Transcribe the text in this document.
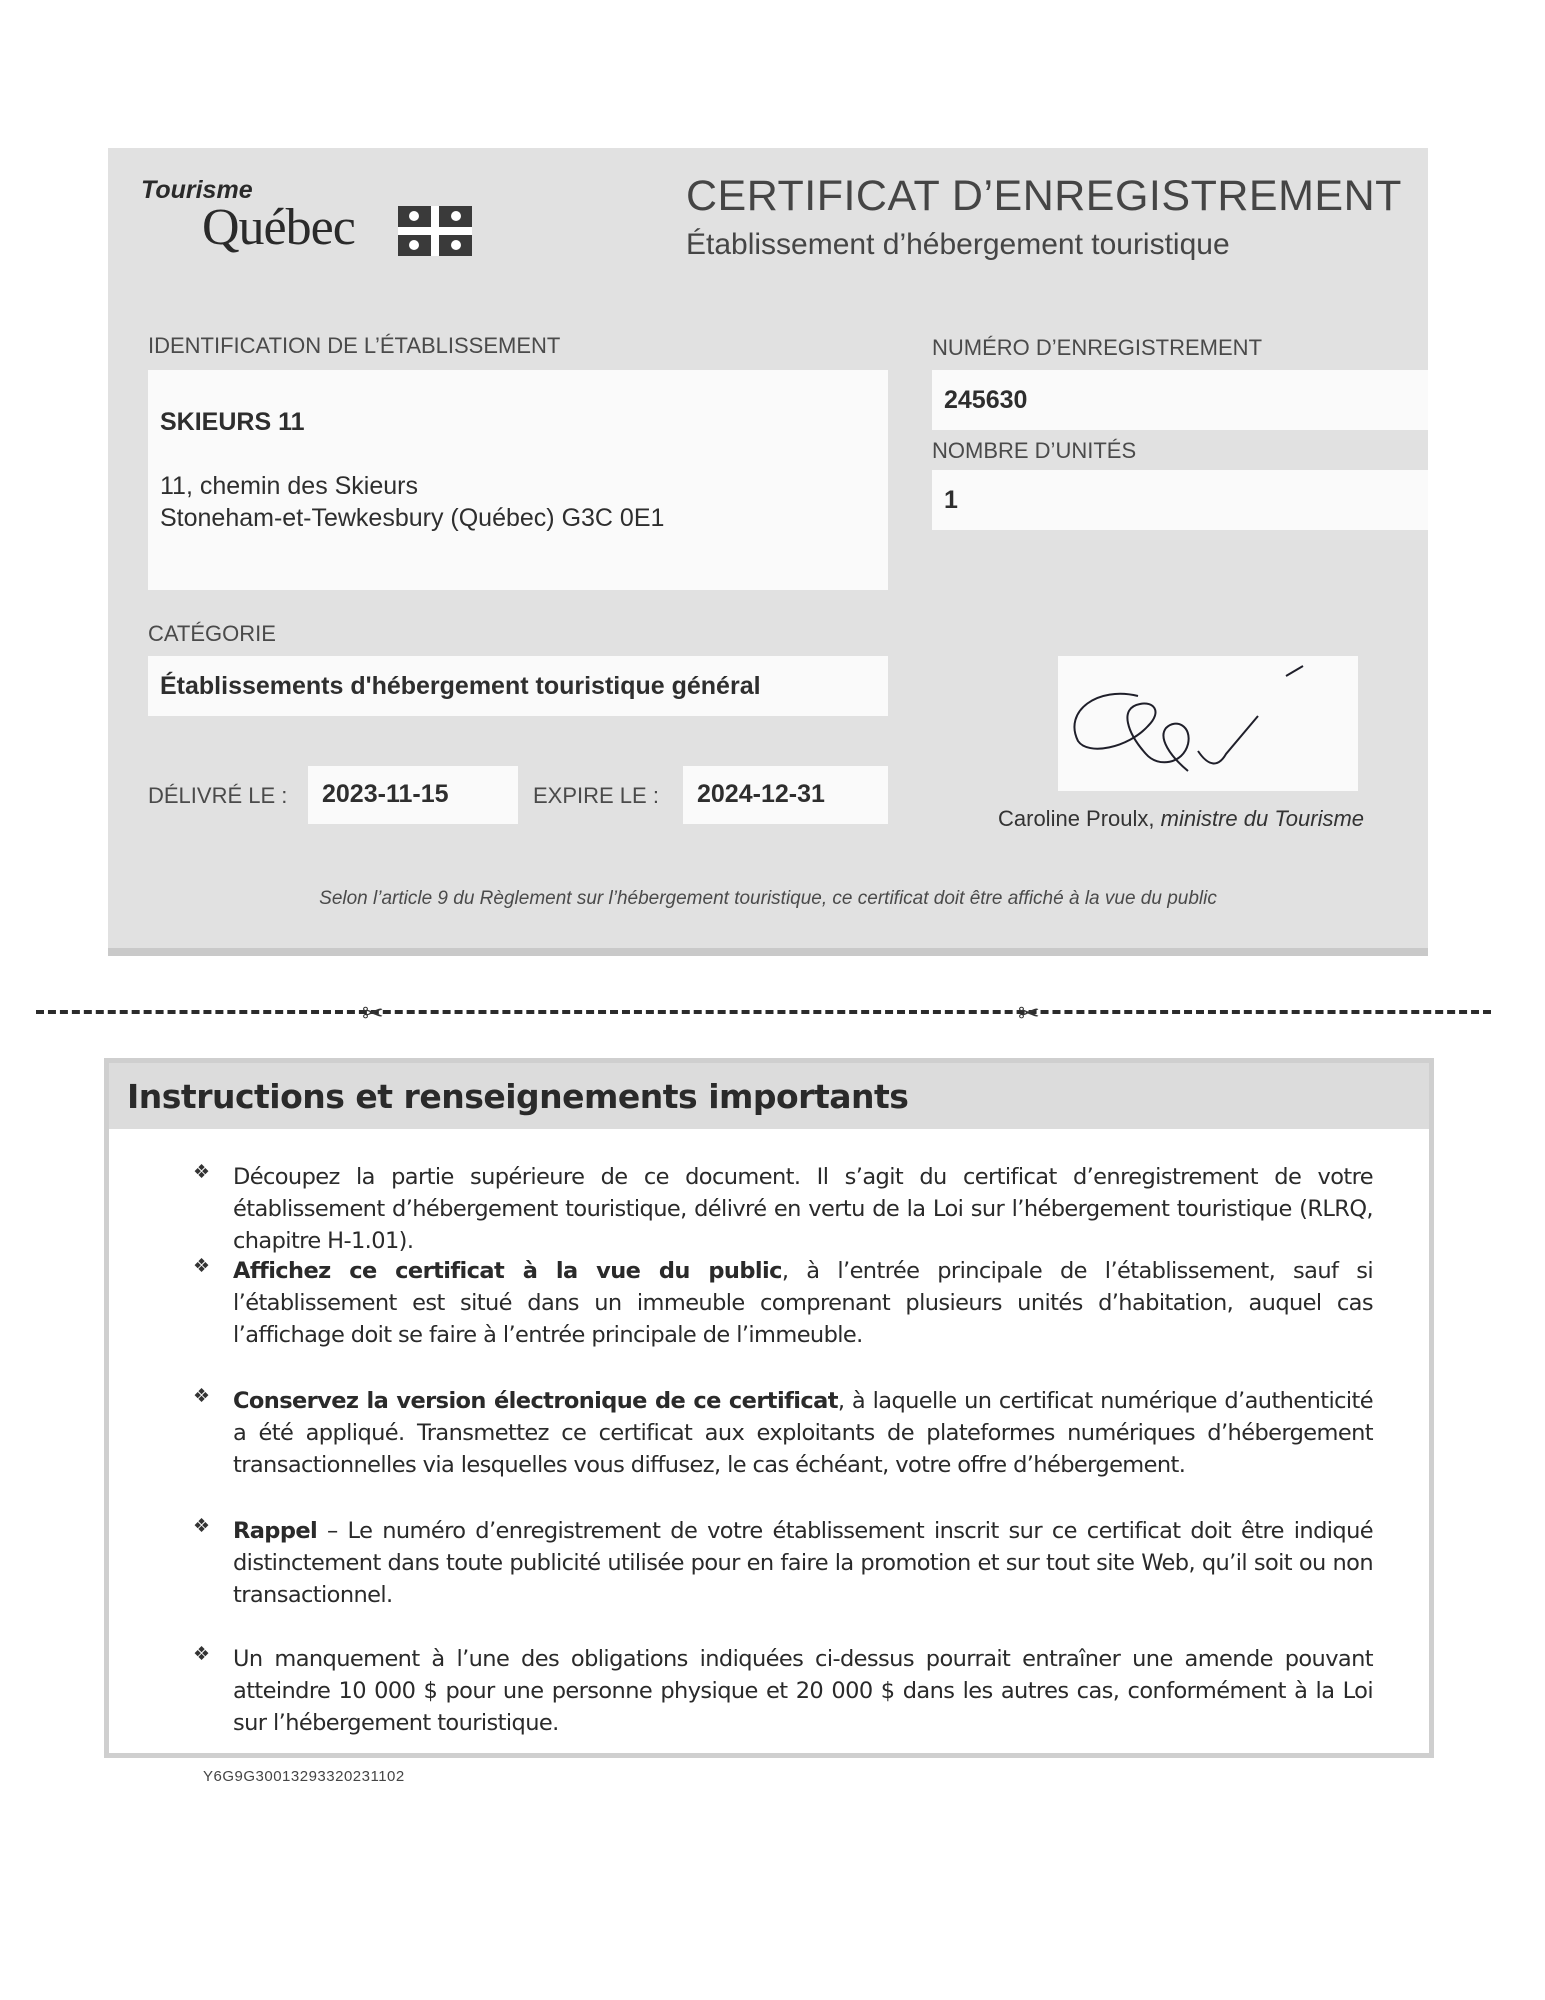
Tourisme
Québec
CERTIFICAT D’ENREGISTREMENT
Établissement d’hébergement touristique
IDENTIFICATION DE L’ÉTABLISSEMENT
SKIEURS 11
11, chemin des Skieurs
Stoneham-et-Tewkesbury (Québec) G3C 0E1
NUMÉRO D’ENREGISTREMENT
245630
NOMBRE D’UNITÉS
1
CATÉGORIE
Établissements d'hébergement touristique général
DÉLIVRÉ LE : 2023-11-15	EXPIRE LE : 2024-12-31
Caroline Proulx, ministre du Tourisme
Selon l’article 9 du Règlement sur l’hébergement touristique, ce certificat doit être affiché à la vue du public
✂	✂
Instructions et renseignements importants
❖ Découpez la partie supérieure de ce document. Il s’agit du certificat d’enregistrement de votre établissement d’hébergement touristique, délivré en vertu de la Loi sur l’hébergement touristique (RLRQ, chapitre H-1.01).

❖ Affichez ce certificat à la vue du public, à l’entrée principale de l’établissement, sauf si l’établissement est situé dans un immeuble comprenant plusieurs unités d’habitation, auquel cas l’affichage doit se faire à l’entrée principale de l’immeuble.

❖ Conservez la version électronique de ce certificat, à laquelle un certificat numérique d’authenticité a été appliqué. Transmettez ce certificat aux exploitants de plateformes numériques d’hébergement transactionnelles via lesquelles vous diffusez, le cas échéant, votre offre d’hébergement.

❖ Rappel – Le numéro d’enregistrement de votre établissement inscrit sur ce certificat doit être indiqué distinctement dans toute publicité utilisée pour en faire la promotion et sur tout site Web, qu’il soit ou non transactionnel.

❖ Un manquement à l’une des obligations indiquées ci-dessus pourrait entraîner une amende pouvant atteindre 10 000 $ pour une personne physique et 20 000 $ dans les autres cas, conformément à la Loi sur l’hébergement touristique.

Y6G9G30013293320231102
